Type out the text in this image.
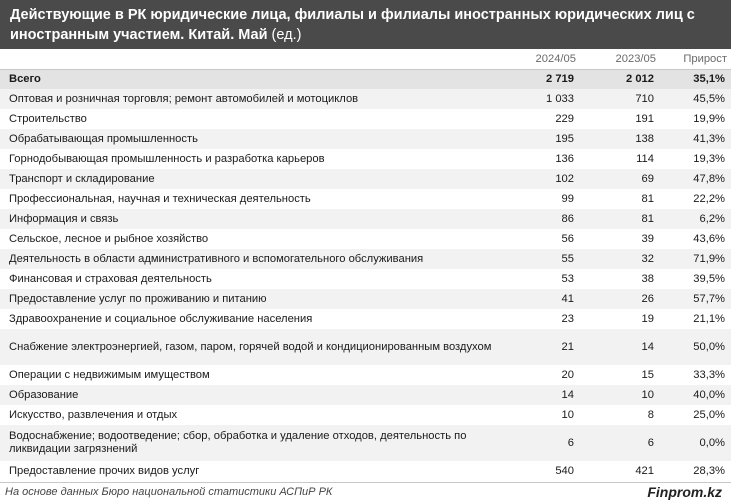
Действующие в РК юридические лица, филиалы и филиалы иностранных юридических лиц с иностранным участием. Китай. Май (ед.)
	2024/05	2023/05	Прирост
Всего	2 719	2 012	35,1%
Оптовая и розничная торговля; ремонт автомобилей и мотоциклов	1 033	710	45,5%
Строительство	229	191	19,9%
Обрабатывающая промышленность	195	138	41,3%
Горнодобывающая промышленность и разработка карьеров	136	114	19,3%
Транспорт и складирование	102	69	47,8%
Профессиональная, научная и техническая деятельность	99	81	22,2%
Информация и связь	86	81	6,2%
Сельское, лесное и рыбное хозяйство	56	39	43,6%
Деятельность в области административного и вспомогательного обслуживания	55	32	71,9%
Финансовая и страховая деятельность	53	38	39,5%
Предоставление услуг по проживанию и питанию	41	26	57,7%
Здравоохранение и социальное обслуживание населения	23	19	21,1%
Снабжение электроэнергией, газом, паром, горячей водой и кондиционированным воздухом	21	14	50,0%
Операции с недвижимым имуществом	20	15	33,3%
Образование	14	10	40,0%
Искусство, развлечения и отдых	10	8	25,0%
Водоснабжение; водоотведение; сбор, обработка и удаление отходов, деятельность по ликвидации загрязнений	6	6	0,0%
Предоставление прочих видов услуг	540	421	28,3%
На основе данных Бюро национальной статистики АСПиР РК	Finprom.kz
